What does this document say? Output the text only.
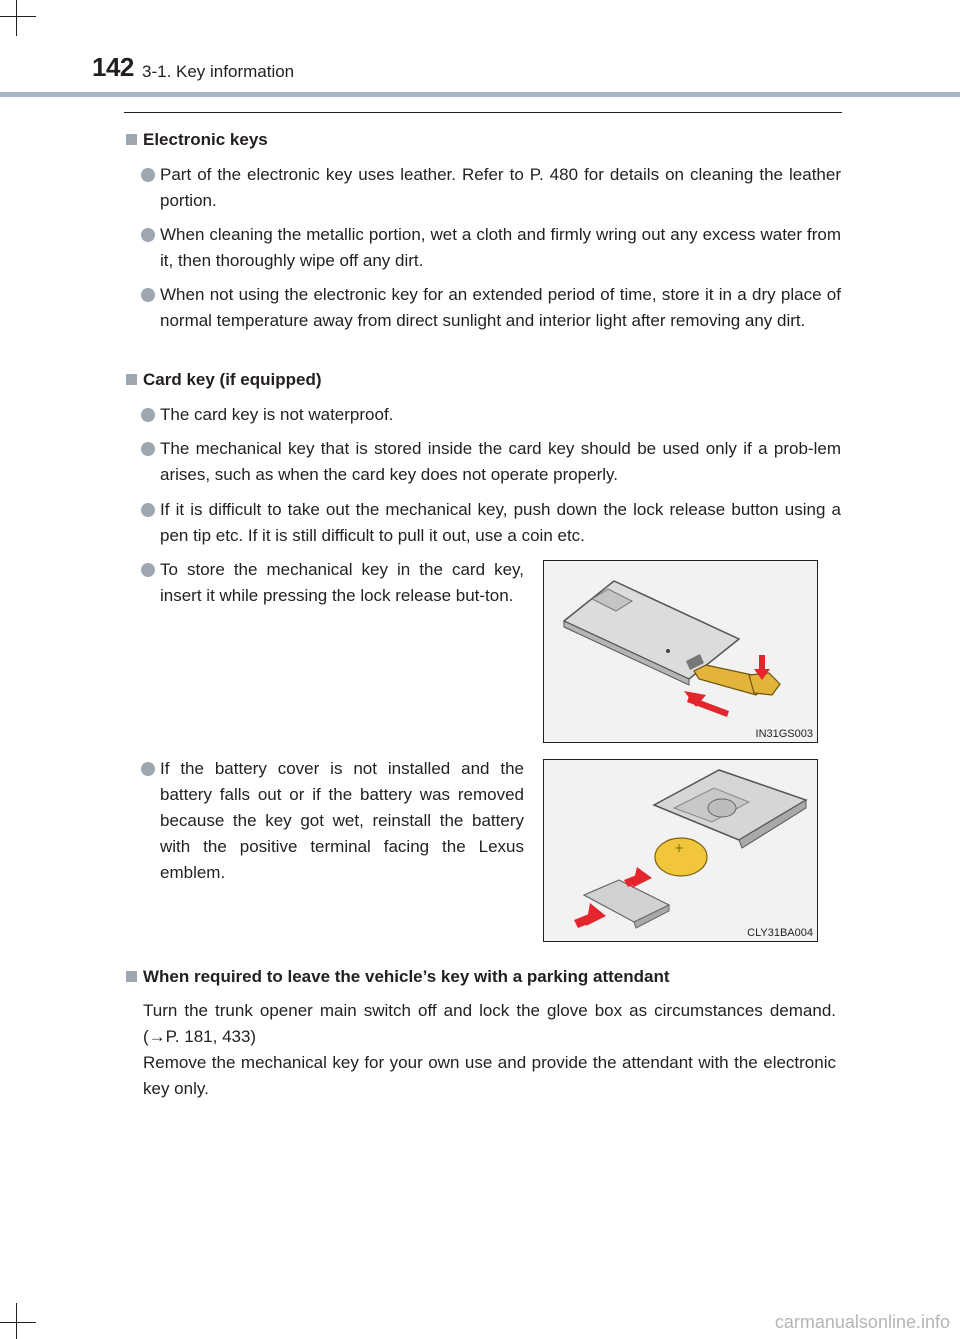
142 3-1. Key information
Electronic keys
Part of the electronic key uses leather. Refer to P. 480 for details on cleaning the leather portion.
When cleaning the metallic portion, wet a cloth and firmly wring out any excess water from it, then thoroughly wipe off any dirt.
When not using the electronic key for an extended period of time, store it in a dry place of normal temperature away from direct sunlight and interior light after removing any dirt.
Card key (if equipped)
The card key is not waterproof.
The mechanical key that is stored inside the card key should be used only if a prob-lem arises, such as when the card key does not operate properly.
If it is difficult to take out the mechanical key, push down the lock release button using a pen tip etc. If it is still difficult to pull it out, use a coin etc.
To store the mechanical key in the card key, insert it while pressing the lock release but-ton.
If the battery cover is not installed and the battery falls out or if the battery was removed because the key got wet, reinstall the battery with the positive terminal facing the Lexus emblem.
IN31GS003
+
CLY31BA004
When required to leave the vehicle’s key with a parking attendant
Turn the trunk opener main switch off and lock the glove box as circumstances demand. (→P. 181, 433)
Remove the mechanical key for your own use and provide the attendant with the electronic key only.
carmanualsonline.info
